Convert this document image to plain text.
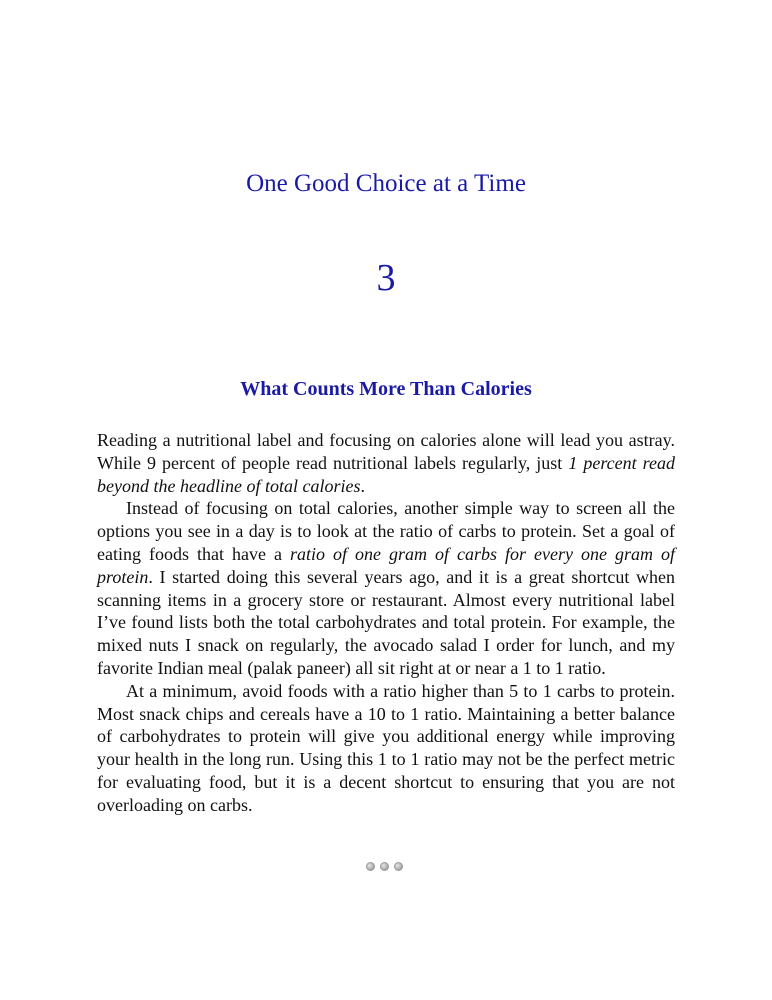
One Good Choice at a Time
3
What Counts More Than Calories

Reading a nutritional label and focusing on calories alone will lead you astray. While 9 percent of people read nutritional labels regularly, just 1 percent read beyond the headline of total calories.

Instead of focusing on total calories, another simple way to screen all the options you see in a day is to look at the ratio of carbs to protein. Set a goal of eating foods that have a ratio of one gram of carbs for every one gram of protein. I started doing this several years ago, and it is a great shortcut when scanning items in a grocery store or restaurant. Almost every nutritional label I’ve found lists both the total carbohydrates and total protein. For example, the mixed nuts I snack on regularly, the avocado salad I order for lunch, and my favorite Indian meal (palak paneer) all sit right at or near a 1 to 1 ratio.

At a minimum, avoid foods with a ratio higher than 5 to 1 carbs to protein. Most snack chips and cereals have a 10 to 1 ratio. Maintaining a better balance of carbohydrates to protein will give you additional energy while improving your health in the long run. Using this 1 to 1 ratio may not be the perfect metric for evaluating food, but it is a decent shortcut to ensuring that you are not overloading on carbs.
